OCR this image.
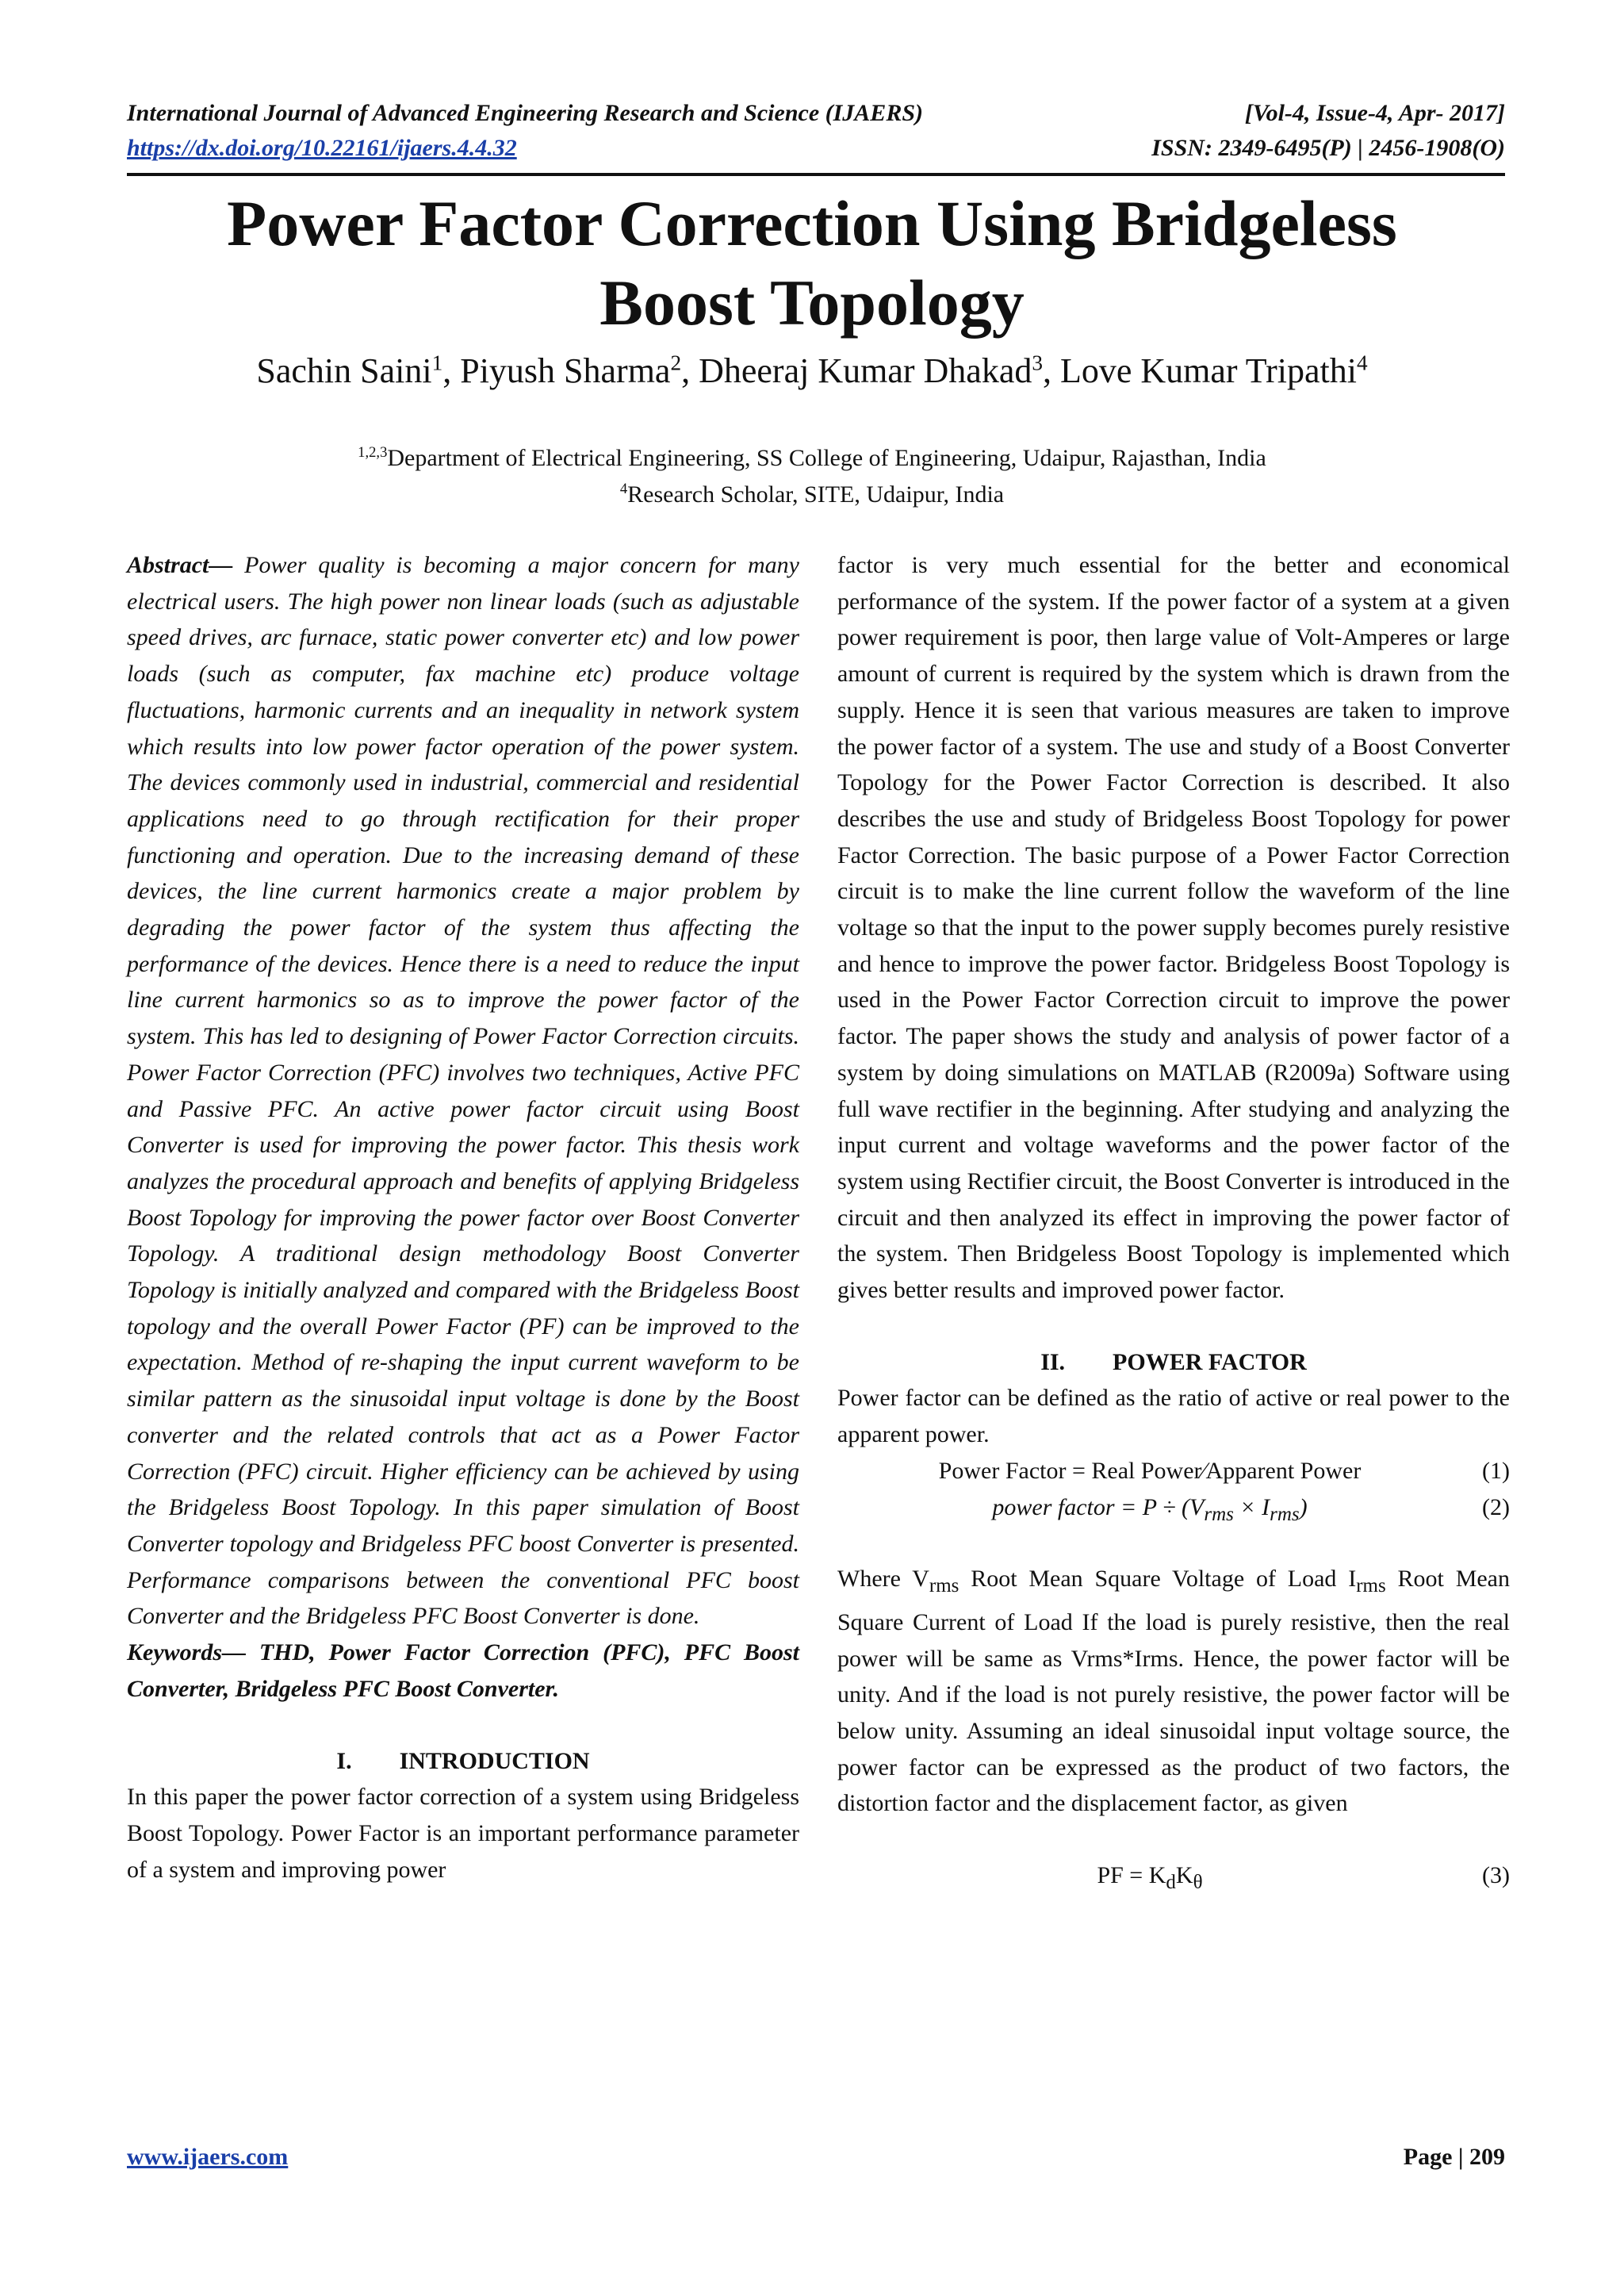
International Journal of Advanced Engineering Research and Science (IJAERS)	[Vol-4, Issue-4, Apr- 2017]
https://dx.doi.org/10.22161/ijaers.4.4.32	ISSN: 2349-6495(P) | 2456-1908(O)
Power Factor Correction Using Bridgeless
Boost Topology
Sachin Saini$^1$, Piyush Sharma$^2$, Dheeraj Kumar Dhakad$^3$, Love Kumar Tripathi$^4$
$^{1,2,3}$Department of Electrical Engineering, SS College of Engineering, Udaipur, Rajasthan, India
$^4$Research Scholar, SITE, Udaipur, India

Abstract— Power quality is becoming a major concern for many electrical users. The high power non linear loads (such as adjustable speed drives, arc furnace, static power converter etc) and low power loads (such as computer, fax machine etc) produce voltage fluctuations, harmonic currents and an inequality in network system which results into low power factor operation of the power system. The devices commonly used in industrial, commercial and residential applications need to go through rectification for their proper functioning and operation. Due to the increasing demand of these devices, the line current harmonics create a major problem by degrading the power factor of the system thus affecting the performance of the devices. Hence there is a need to reduce the input line current harmonics so as to improve the power factor of the system. This has led to designing of Power Factor Correction circuits. Power Factor Correction (PFC) involves two techniques, Active PFC and Passive PFC. An active power factor circuit using Boost Converter is used for improving the power factor. This thesis work analyzes the procedural approach and benefits of applying Bridgeless Boost Topology for improving the power factor over Boost Converter Topology. A traditional design methodology Boost Converter Topology is initially analyzed and compared with the Bridgeless Boost topology and the overall Power Factor (PF) can be improved to the expectation. Method of re-shaping the input current waveform to be similar pattern as the sinusoidal input voltage is done by the Boost converter and the related controls that act as a Power Factor Correction (PFC) circuit. Higher efficiency can be achieved by using the Bridgeless Boost Topology. In this paper simulation of Boost Converter topology and Bridgeless PFC boost Converter is presented. Performance comparisons between the conventional PFC boost Converter and the Bridgeless PFC Boost Converter is done.

Keywords— THD, Power Factor Correction (PFC), PFC Boost Converter, Bridgeless PFC Boost Converter.

I.  INTRODUCTION

In this paper the power factor correction of a system using Bridgeless Boost Topology. Power Factor is an important performance parameter of a system and improving power

factor is very much essential for the better and economical performance of the system. If the power factor of a system at a given power requirement is poor, then large value of Volt-Amperes or large amount of current is required by the system which is drawn from the supply. Hence it is seen that various measures are taken to improve the power factor of a system. The use and study of a Boost Converter Topology for the Power Factor Correction is described. It also describes the use and study of Bridgeless Boost Topology for power Factor Correction. The basic purpose of a Power Factor Correction circuit is to make the line current follow the waveform of the line voltage so that the input to the power supply becomes purely resistive and hence to improve the power factor. Bridgeless Boost Topology is used in the Power Factor Correction circuit to improve the power factor. The paper shows the study and analysis of power factor of a system by doing simulations on MATLAB (R2009a) Software using full wave rectifier in the beginning. After studying and analyzing the input current and voltage waveforms and the power factor of the system using Rectifier circuit, the Boost Converter is introduced in the circuit and then analyzed its effect in improving the power factor of the system. Then Bridgeless Boost Topology is implemented which gives better results and improved power factor.

II.  POWER FACTOR

Power factor can be defined as the ratio of active or real power to the apparent power.

Power Factor = Real Power∕Apparent Power	(1)
power factor = $P \div (V_{rms} \times I_{rms})$	(2)

Where $V_{rms}$ Root Mean Square Voltage of Load $I_{rms}$ Root Mean Square Current of Load If the load is purely resistive, then the real power will be same as Vrms*Irms. Hence, the power factor will be unity. And if the load is not purely resistive, the power factor will be below unity. Assuming an ideal sinusoidal input voltage source, the power factor can be expressed as the product of two factors, the distortion factor and the displacement factor, as given

PF = $K_dK_\theta$	(3)
www.ijaers.com	Page | 209
